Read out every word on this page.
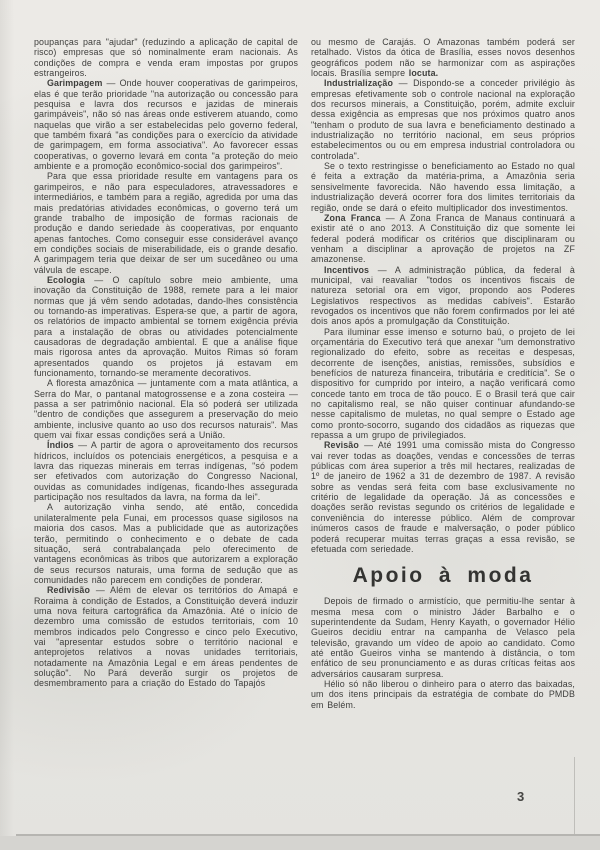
poupanças para "ajudar" (reduzindo a aplicação de capital de risco) empresas que só nominalmente eram nacionais. As condições de compra e venda eram impostas por grupos estrangeiros.

Garimpagem — Onde houver cooperativas de garimpeiros, elas é que terão prioridade "na autorização ou concessão para pesquisa e lavra dos recursos e jazidas de minerais garimpáveis", não só nas áreas onde estiverem atuando, como naquelas que virão a ser estabelecidas pelo governo federal, que também fixará "as condições para o exercício da atividade de garimpagem, em forma associativa". Ao favorecer essas cooperativas, o governo levará em conta "a proteção do meio ambiente e a promoção econômico-social dos garimpeiros".

Para que essa prioridade resulte em vantagens para os garimpeiros, e não para especuladores, atravessadores e intermediários, e também para a região, agredida por uma das mais predatórias atividades econômicas, o governo terá um grande trabalho de imposição de formas racionais de produção e dando seriedade às cooperativas, por enquanto apenas fantoches. Como conseguir esse considerável avanço em condições sociais de miserabilidade, eis o grande desafio. A garimpagem teria que deixar de ser um sucedâneo ou uma válvula de escape.

Ecologia — O capítulo sobre meio ambiente, uma inovação da Constituição de 1988, remete para a lei maior normas que já vêm sendo adotadas, dando-lhes consistência ou tornando-as imperativas. Espera-se que, a partir de agora, os relatórios de impacto ambiental se tornem exigência prévia para a instalação de obras ou atividades potencialmente causadoras de degradação ambiental. E que a análise fique mais rigorosa antes da aprovação. Muitos Rimas só foram apresentados quando os projetos já estavam em funcionamento, tornando-se meramente decorativos.

A floresta amazônica — juntamente com a mata atlântica, a Serra do Mar, o pantanal matogrossense e a zona costeira — passa a ser patrimônio nacional. Ela só poderá ser utilizada "dentro de condições que assegurem a preservação do meio ambiente, inclusive quanto ao uso dos recursos naturais". Mas quem vai fixar essas condições será a União.

Índios — A partir de agora o aproveitamento dos recursos hídricos, incluídos os potenciais energéticos, a pesquisa e a lavra das riquezas minerais em terras indígenas, "só podem ser efetivados com autorização do Congresso Nacional, ouvidas as comunidades indígenas, ficando-lhes assegurada participação nos resultados da lavra, na forma da lei".

A autorização vinha sendo, até então, concedida unilateralmente pela Funai, em processos quase sigilosos na maioria dos casos. Mas a publicidade que as autorizações terão, permitindo o conhecimento e o debate de cada situação, será contrabalançada pelo oferecimento de vantagens econômicas às tribos que autorizarem a exploração de seus recursos naturais, uma forma de sedução que as comunidades não parecem em condições de ponderar.

Redivisão — Além de elevar os territórios do Amapá e Roraima à condição de Estados, a Constituição deverá induzir uma nova feitura cartográfica da Amazônia. Até o início de dezembro uma comissão de estudos territoriais, com 10 membros indicados pelo Congresso e cinco pelo Executivo, vai "apresentar estudos sobre o território nacional e anteprojetos relativos a novas unidades territoriais, notadamente na Amazônia Legal e em áreas pendentes de solução". No Pará deverão surgir os projetos de desmembramento para a criação do Estado do Tapajós

ou mesmo de Carajás. O Amazonas também poderá ser retalhado. Vistos da ótica de Brasília, esses novos desenhos geográficos podem não se harmonizar com as aspirações locais. Brasília sempre locuta.

Industrialização — Dispondo-se a conceder privilégio às empresas efetivamente sob o controle nacional na exploração dos recursos minerais, a Constituição, porém, admite excluir dessa exigência as empresas que nos próximos quatro anos "tenham o produto de sua lavra e beneficiamento destinado a industrialização no território nacional, em seus próprios estabelecimentos ou ou em empresa industrial controladora ou controlada".

Se o texto restringisse o beneficiamento ao Estado no qual é feita a extração da matéria-prima, a Amazônia seria sensivelmente favorecida. Não havendo essa limitação, a industrialização deverá ocorrer fora dos limites territoriais da região, onde se dará o efeito multiplicador dos investimentos.

Zona Franca — A Zona Franca de Manaus continuará a existir até o ano 2013. A Constituição diz que somente lei federal poderá modificar os critérios que disciplinaram ou venham a disciplinar a aprovação de projetos na ZF amazonense.

Incentivos — A administração pública, da federal à municipal, vai reavaliar "todos os incentivos fiscais de natureza setorial ora em vigor, propondo aos Poderes Legislativos respectivos as medidas cabíveis". Estarão revogados os incentivos que não forem confirmados por lei até dois anos após a promulgação da Constituição.

Para iluminar esse imenso e soturno baú, o projeto de lei orçamentária do Executivo terá que anexar "um demonstrativo regionalizado do efeito, sobre as receitas e despesas, decorrente de isenções, anistias, remissões, subsídios e benefícios de natureza financeira, tributária e creditícia". Se o dispositivo for cumprido por inteiro, a nação verificará como concede tanto em troca de tão pouco. E o Brasil terá que cair no capitalismo real, se não quiser continuar afundando-se nesse capitalismo de muletas, no qual sempre o Estado age como pronto-socorro, sugando dos cidadãos as riquezas que repassa a um grupo de privilegiados.

Revisão — Até 1991 uma comissão mista do Congresso vai rever todas as doações, vendas e concessões de terras públicas com área superior a três mil hectares, realizadas de 1º de janeiro de 1962 a 31 de dezembro de 1987. A revisão sobre as vendas será feita com base exclusivamente no critério de legalidade da operação. Já as concessões e doações serão revistas segundo os critérios de legalidade e conveniência do interesse público. Além de comprovar inúmeros casos de fraude e malversação, o poder público poderá recuperar muitas terras graças a essa revisão, se efetuada com seriedade.

Apoio à moda

Depois de firmado o armistício, que permitiu-lhe sentar à mesma mesa com o ministro Jáder Barbalho e o superintendente da Sudam, Henry Kayath, o governador Hélio Gueiros decidiu entrar na campanha de Velasco pela televisão, gravando um vídeo de apoio ao candidato. Como até então Gueiros vinha se mantendo à distância, o tom enfático de seu pronunciamento e as duras críticas feitas aos adversários causaram surpresa.

Hélio só não liberou o dinheiro para o aterro das baixadas, um dos itens principais da estratégia de combate do PMDB em Belém.

3
